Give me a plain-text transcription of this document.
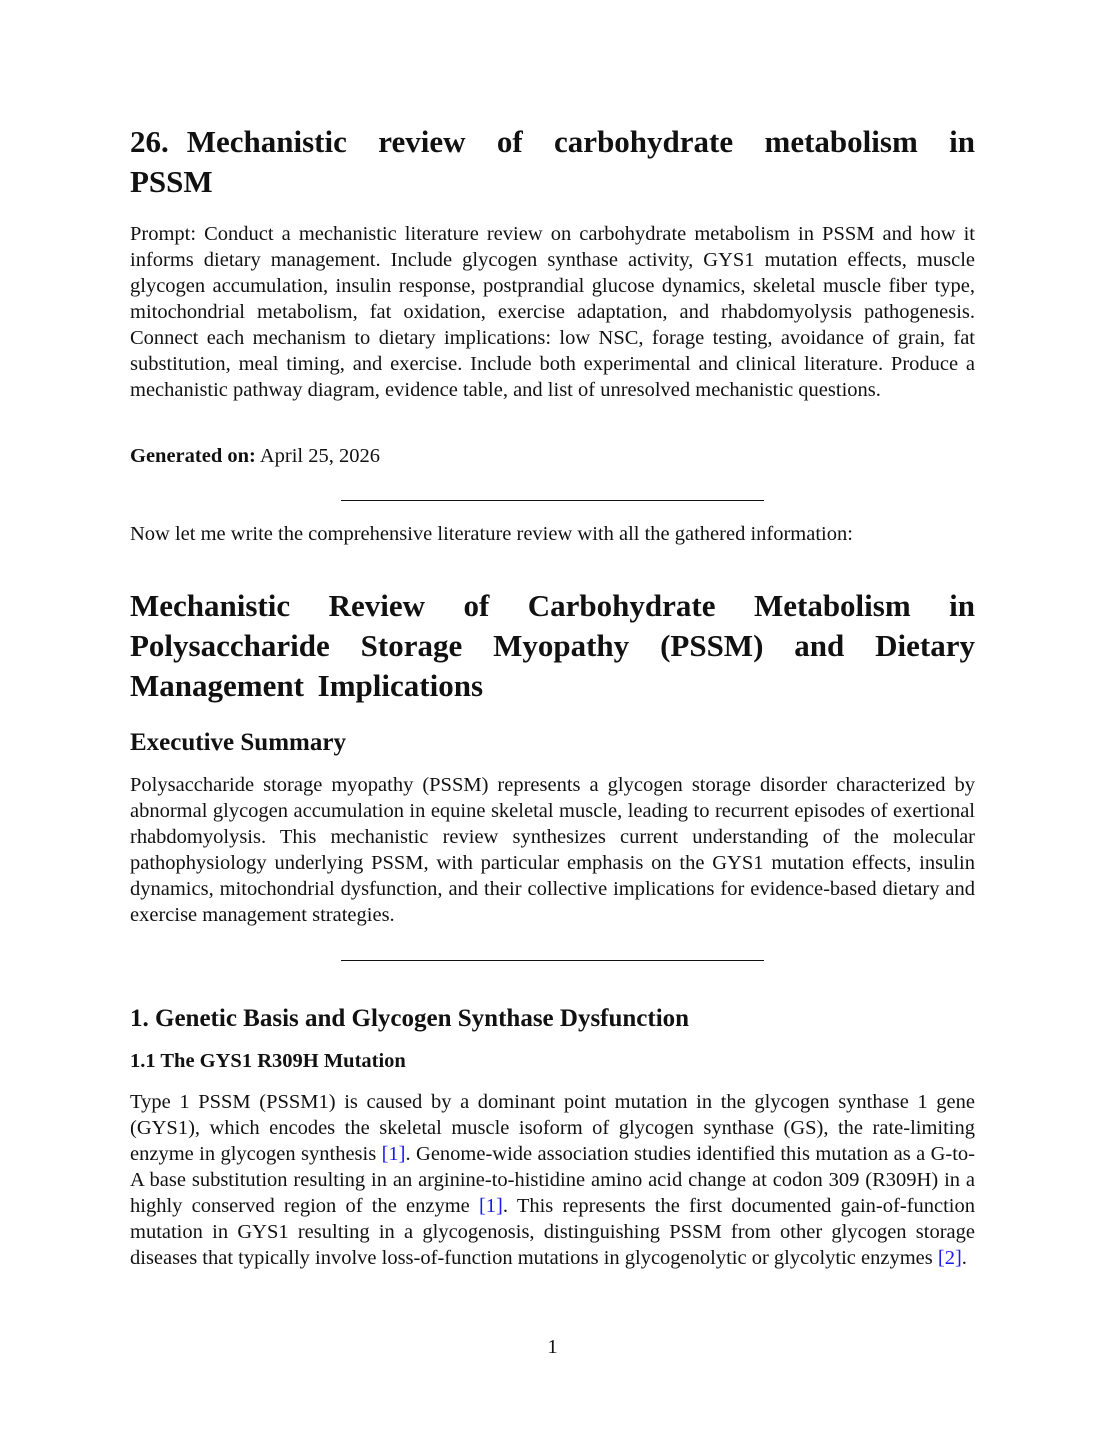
26. Mechanistic review of carbohydrate metabolism in PSSM

Prompt: Conduct a mechanistic literature review on carbohydrate metabolism in PSSM and how it informs dietary management. Include glycogen synthase activity, GYS1 mutation effects, muscle glycogen accumulation, insulin response, postprandial glucose dynamics, skeletal muscle fiber type, mitochondrial metabolism, fat oxidation, exercise adaptation, and rhabdomyolysis pathogenesis. Connect each mechanism to dietary implications: low NSC, forage testing, avoidance of grain, fat substitution, meal timing, and exercise. Include both experimental and clinical literature. Produce a mechanistic pathway diagram, evidence table, and list of unresolved mechanistic questions.

Generated on: April 25, 2026

Now let me write the comprehensive literature review with all the gathered information:

Mechanistic Review of Carbohydrate Metabolism in Polysaccharide Storage Myopathy (PSSM) and Dietary Management Implications
Executive Summary

Polysaccharide storage myopathy (PSSM) represents a glycogen storage disorder characterized by abnormal glycogen accumulation in equine skeletal muscle, leading to recurrent episodes of exertional rhabdomyolysis. This mechanistic review synthesizes current understanding of the molecular pathophysiology underlying PSSM, with particular emphasis on the GYS1 mutation effects, insulin dynamics, mitochondrial dysfunction, and their collective implications for evidence-based dietary and exercise management strategies.

1. Genetic Basis and Glycogen Synthase Dysfunction
1.1 The GYS1 R309H Mutation

Type 1 PSSM (PSSM1) is caused by a dominant point mutation in the glycogen synthase 1 gene (GYS1), which encodes the skeletal muscle isoform of glycogen synthase (GS), the rate-limiting enzyme in glycogen synthesis [1]. Genome-wide association studies identified this mutation as a G-to-A base substitution resulting in an arginine-to-histidine amino acid change at codon 309 (R309H) in a highly conserved region of the enzyme [1]. This represents the first documented gain-of-function mutation in GYS1 resulting in a glycogenosis, distinguishing PSSM from other glycogen storage diseases that typically involve loss-of-function mutations in glycogenolytic or glycolytic enzymes [2].

1
